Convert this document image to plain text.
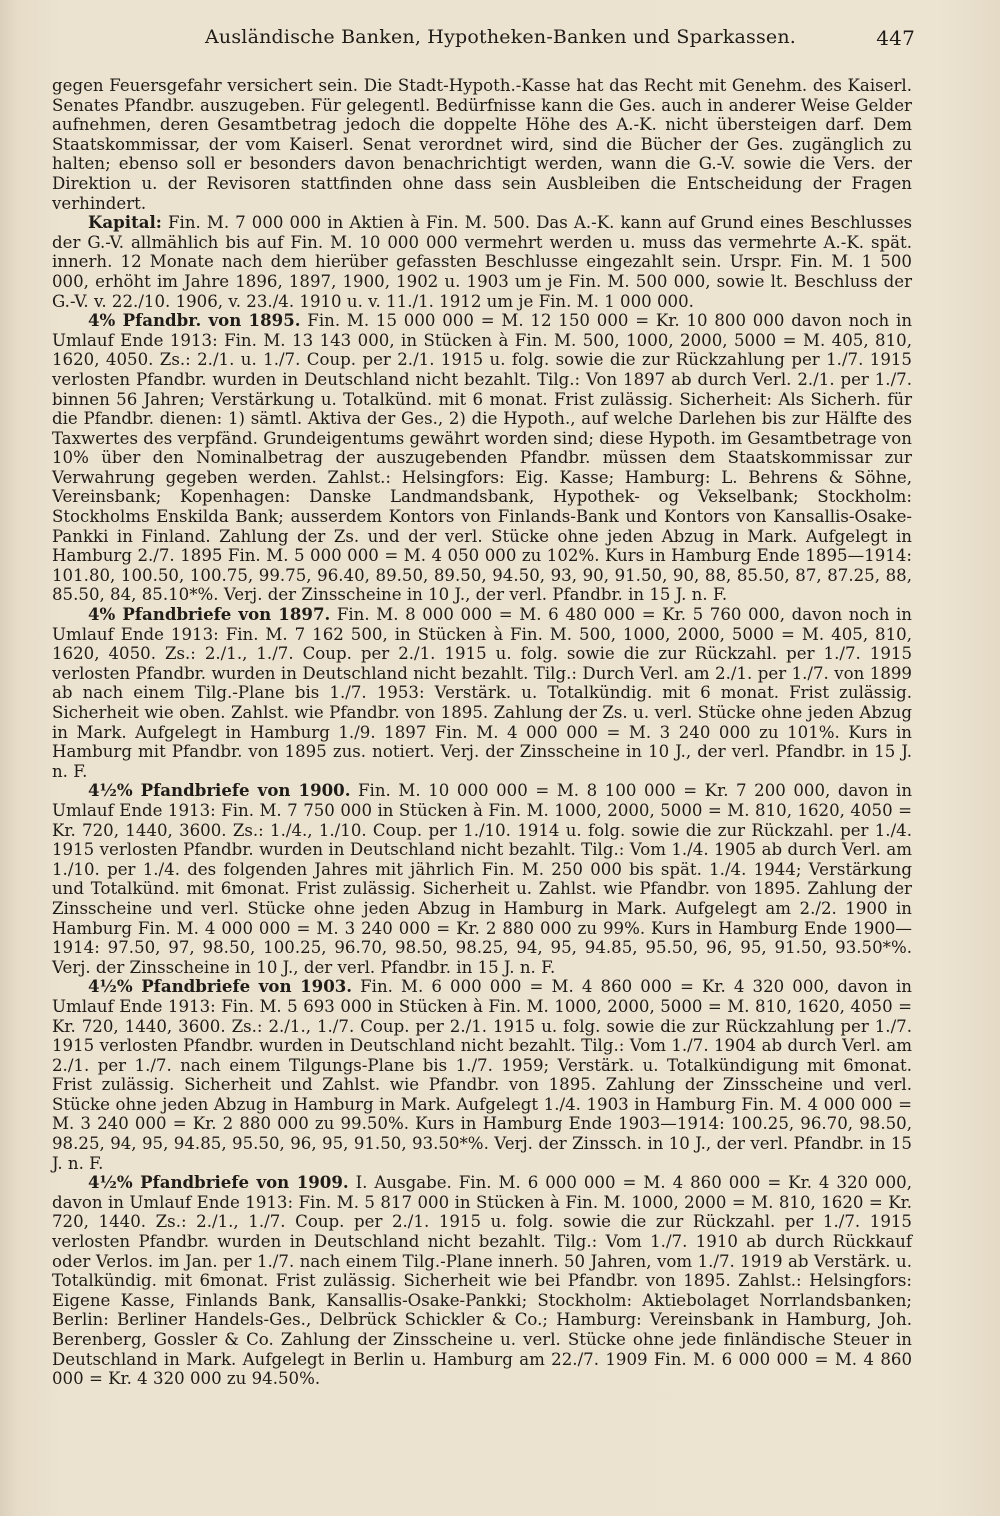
Ausländische Banken, Hypotheken-Banken und Sparkassen.	447

gegen Feuersgefahr versichert sein. Die Stadt-Hypoth.-Kasse hat das Recht mit Genehm. des Kaiserl. Senates Pfandbr. auszugeben. Für gelegentl. Bedürfnisse kann die Ges. auch in anderer Weise Gelder aufnehmen, deren Gesamtbetrag jedoch die doppelte Höhe des A.-K. nicht übersteigen darf. Dem Staatskommissar, der vom Kaiserl. Senat verordnet wird, sind die Bücher der Ges. zugänglich zu halten; ebenso soll er besonders davon benachrichtigt werden, wann die G.-V. sowie die Vers. der Direktion u. der Revisoren stattfinden ohne dass sein Ausbleiben die Entscheidung der Fragen verhindert.

Kapital: Fin. M. 7 000 000 in Aktien à Fin. M. 500. Das A.-K. kann auf Grund eines Beschlusses der G.-V. allmählich bis auf Fin. M. 10 000 000 vermehrt werden u. muss das vermehrte A.-K. spät. innerh. 12 Monate nach dem hierüber gefassten Beschlusse eingezahlt sein. Urspr. Fin. M. 1 500 000, erhöht im Jahre 1896, 1897, 1900, 1902 u. 1903 um je Fin. M. 500 000, sowie lt. Beschluss der G.-V. v. 22./10. 1906, v. 23./4. 1910 u. v. 11./1. 1912 um je Fin. M. 1 000 000.

4% Pfandbr. von 1895. Fin. M. 15 000 000 = M. 12 150 000 = Kr. 10 800 000 davon noch in Umlauf Ende 1913: Fin. M. 13 143 000, in Stücken à Fin. M. 500, 1000, 2000, 5000 = M. 405, 810, 1620, 4050. Zs.: 2./1. u. 1./7. Coup. per 2./1. 1915 u. folg. sowie die zur Rückzahlung per 1./7. 1915 verlosten Pfandbr. wurden in Deutschland nicht bezahlt. Tilg.: Von 1897 ab durch Verl. 2./1. per 1./7. binnen 56 Jahren; Verstärkung u. Totalkünd. mit 6 monat. Frist zulässig. Sicherheit: Als Sicherh. für die Pfandbr. dienen: 1) sämtl. Aktiva der Ges., 2) die Hypoth., auf welche Darlehen bis zur Hälfte des Taxwertes des verpfänd. Grundeigentums gewährt worden sind; diese Hypoth. im Gesamtbetrage von 10% über den Nominalbetrag der auszugebenden Pfandbr. müssen dem Staatskommissar zur Verwahrung gegeben werden. Zahlst.: Helsingfors: Eig. Kasse; Hamburg: L. Behrens & Söhne, Vereinsbank; Kopenhagen: Danske Landmandsbank, Hypothek- og Vekselbank; Stockholm: Stockholms Enskilda Bank; ausserdem Kontors von Finlands-Bank und Kontors von Kansallis-Osake-Pankki in Finland. Zahlung der Zs. und der verl. Stücke ohne jeden Abzug in Mark. Aufgelegt in Hamburg 2./7. 1895 Fin. M. 5 000 000 = M. 4 050 000 zu 102%. Kurs in Hamburg Ende 1895—1914: 101.80, 100.50, 100.75, 99.75, 96.40, 89.50, 89.50, 94.50, 93, 90, 91.50, 90, 88, 85.50, 87, 87.25, 88, 85.50, 84, 85.10*%. Verj. der Zinsscheine in 10 J., der verl. Pfandbr. in 15 J. n. F.

4% Pfandbriefe von 1897. Fin. M. 8 000 000 = M. 6 480 000 = Kr. 5 760 000, davon noch in Umlauf Ende 1913: Fin. M. 7 162 500, in Stücken à Fin. M. 500, 1000, 2000, 5000 = M. 405, 810, 1620, 4050. Zs.: 2./1., 1./7. Coup. per 2./1. 1915 u. folg. sowie die zur Rückzahl. per 1./7. 1915 verlosten Pfandbr. wurden in Deutschland nicht bezahlt. Tilg.: Durch Verl. am 2./1. per 1./7. von 1899 ab nach einem Tilg.-Plane bis 1./7. 1953: Verstärk. u. Totalkündig. mit 6 monat. Frist zulässig. Sicherheit wie oben. Zahlst. wie Pfandbr. von 1895. Zahlung der Zs. u. verl. Stücke ohne jeden Abzug in Mark. Aufgelegt in Hamburg 1./9. 1897 Fin. M. 4 000 000 = M. 3 240 000 zu 101%. Kurs in Hamburg mit Pfandbr. von 1895 zus. notiert. Verj. der Zinsscheine in 10 J., der verl. Pfandbr. in 15 J. n. F.

4½% Pfandbriefe von 1900. Fin. M. 10 000 000 = M. 8 100 000 = Kr. 7 200 000, davon in Umlauf Ende 1913: Fin. M. 7 750 000 in Stücken à Fin. M. 1000, 2000, 5000 = M. 810, 1620, 4050 = Kr. 720, 1440, 3600. Zs.: 1./4., 1./10. Coup. per 1./10. 1914 u. folg. sowie die zur Rückzahl. per 1./4. 1915 verlosten Pfandbr. wurden in Deutschland nicht bezahlt. Tilg.: Vom 1./4. 1905 ab durch Verl. am 1./10. per 1./4. des folgenden Jahres mit jährlich Fin. M. 250 000 bis spät. 1./4. 1944; Verstärkung und Totalkünd. mit 6monat. Frist zulässig. Sicherheit u. Zahlst. wie Pfandbr. von 1895. Zahlung der Zinsscheine und verl. Stücke ohne jeden Abzug in Hamburg in Mark. Aufgelegt am 2./2. 1900 in Hamburg Fin. M. 4 000 000 = M. 3 240 000 = Kr. 2 880 000 zu 99%. Kurs in Hamburg Ende 1900—1914: 97.50, 97, 98.50, 100.25, 96.70, 98.50, 98.25, 94, 95, 94.85, 95.50, 96, 95, 91.50, 93.50*%. Verj. der Zinsscheine in 10 J., der verl. Pfandbr. in 15 J. n. F.

4½% Pfandbriefe von 1903. Fin. M. 6 000 000 = M. 4 860 000 = Kr. 4 320 000, davon in Umlauf Ende 1913: Fin. M. 5 693 000 in Stücken à Fin. M. 1000, 2000, 5000 = M. 810, 1620, 4050 = Kr. 720, 1440, 3600. Zs.: 2./1., 1./7. Coup. per 2./1. 1915 u. folg. sowie die zur Rückzahlung per 1./7. 1915 verlosten Pfandbr. wurden in Deutschland nicht bezahlt. Tilg.: Vom 1./7. 1904 ab durch Verl. am 2./1. per 1./7. nach einem Tilgungs-Plane bis 1./7. 1959; Verstärk. u. Totalkündigung mit 6monat. Frist zulässig. Sicherheit und Zahlst. wie Pfandbr. von 1895. Zahlung der Zinsscheine und verl. Stücke ohne jeden Abzug in Hamburg in Mark. Aufgelegt 1./4. 1903 in Hamburg Fin. M. 4 000 000 = M. 3 240 000 = Kr. 2 880 000 zu 99.50%. Kurs in Hamburg Ende 1903—1914: 100.25, 96.70, 98.50, 98.25, 94, 95, 94.85, 95.50, 96, 95, 91.50, 93.50*%. Verj. der Zinssch. in 10 J., der verl. Pfandbr. in 15 J. n. F.

4½% Pfandbriefe von 1909. I. Ausgabe. Fin. M. 6 000 000 = M. 4 860 000 = Kr. 4 320 000, davon in Umlauf Ende 1913: Fin. M. 5 817 000 in Stücken à Fin. M. 1000, 2000 = M. 810, 1620 = Kr. 720, 1440. Zs.: 2./1., 1./7. Coup. per 2./1. 1915 u. folg. sowie die zur Rückzahl. per 1./7. 1915 verlosten Pfandbr. wurden in Deutschland nicht bezahlt. Tilg.: Vom 1./7. 1910 ab durch Rückkauf oder Verlos. im Jan. per 1./7. nach einem Tilg.-Plane innerh. 50 Jahren, vom 1./7. 1919 ab Verstärk. u. Totalkündig. mit 6monat. Frist zulässig. Sicherheit wie bei Pfandbr. von 1895. Zahlst.: Helsingfors: Eigene Kasse, Finlands Bank, Kansallis-Osake-Pankki; Stockholm: Aktiebolaget Norrlandsbanken; Berlin: Berliner Handels-Ges., Delbrück Schickler & Co.; Hamburg: Vereinsbank in Hamburg, Joh. Berenberg, Gossler & Co. Zahlung der Zinsscheine u. verl. Stücke ohne jede finländische Steuer in Deutschland in Mark. Aufgelegt in Berlin u. Hamburg am 22./7. 1909 Fin. M. 6 000 000 = M. 4 860 000 = Kr. 4 320 000 zu 94.50%.
